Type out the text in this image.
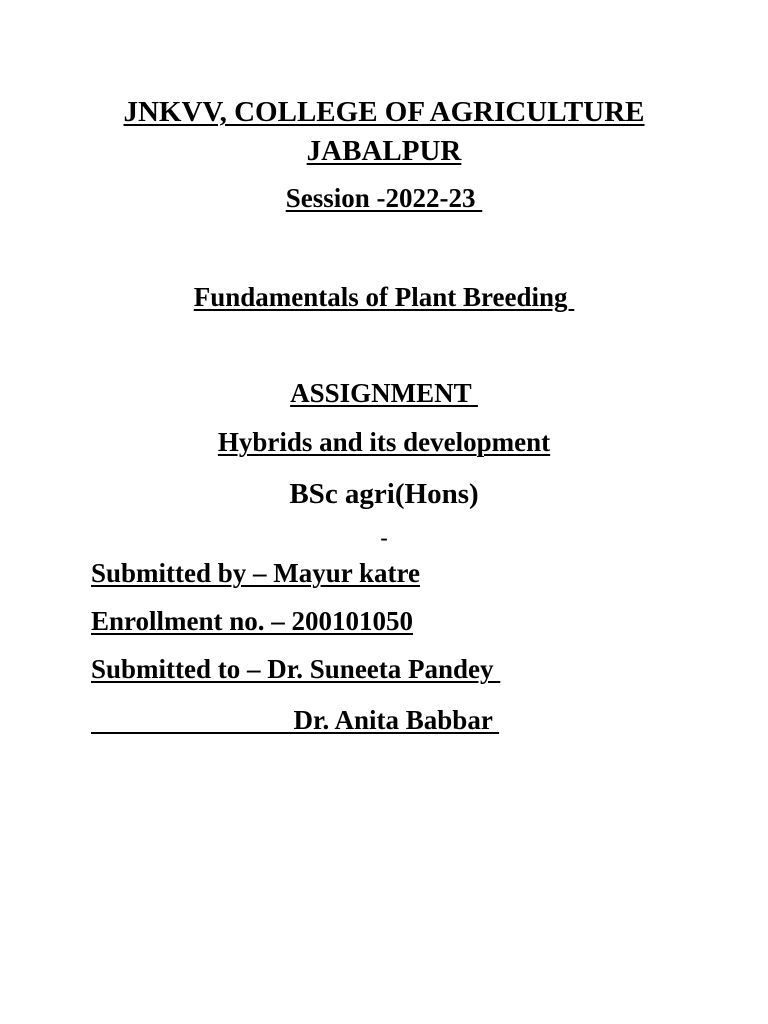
JNKVV, COLLEGE OF AGRICULTURE

JABALPUR

Session -2022-23

Fundamentals of Plant Breeding

ASSIGNMENT

Hybrids and its development

BSc agri(Hons)

-

Submitted by – Mayur katre

Enrollment no. – 200101050

Submitted to – Dr. Suneeta Pandey

Dr. Anita Babbar
